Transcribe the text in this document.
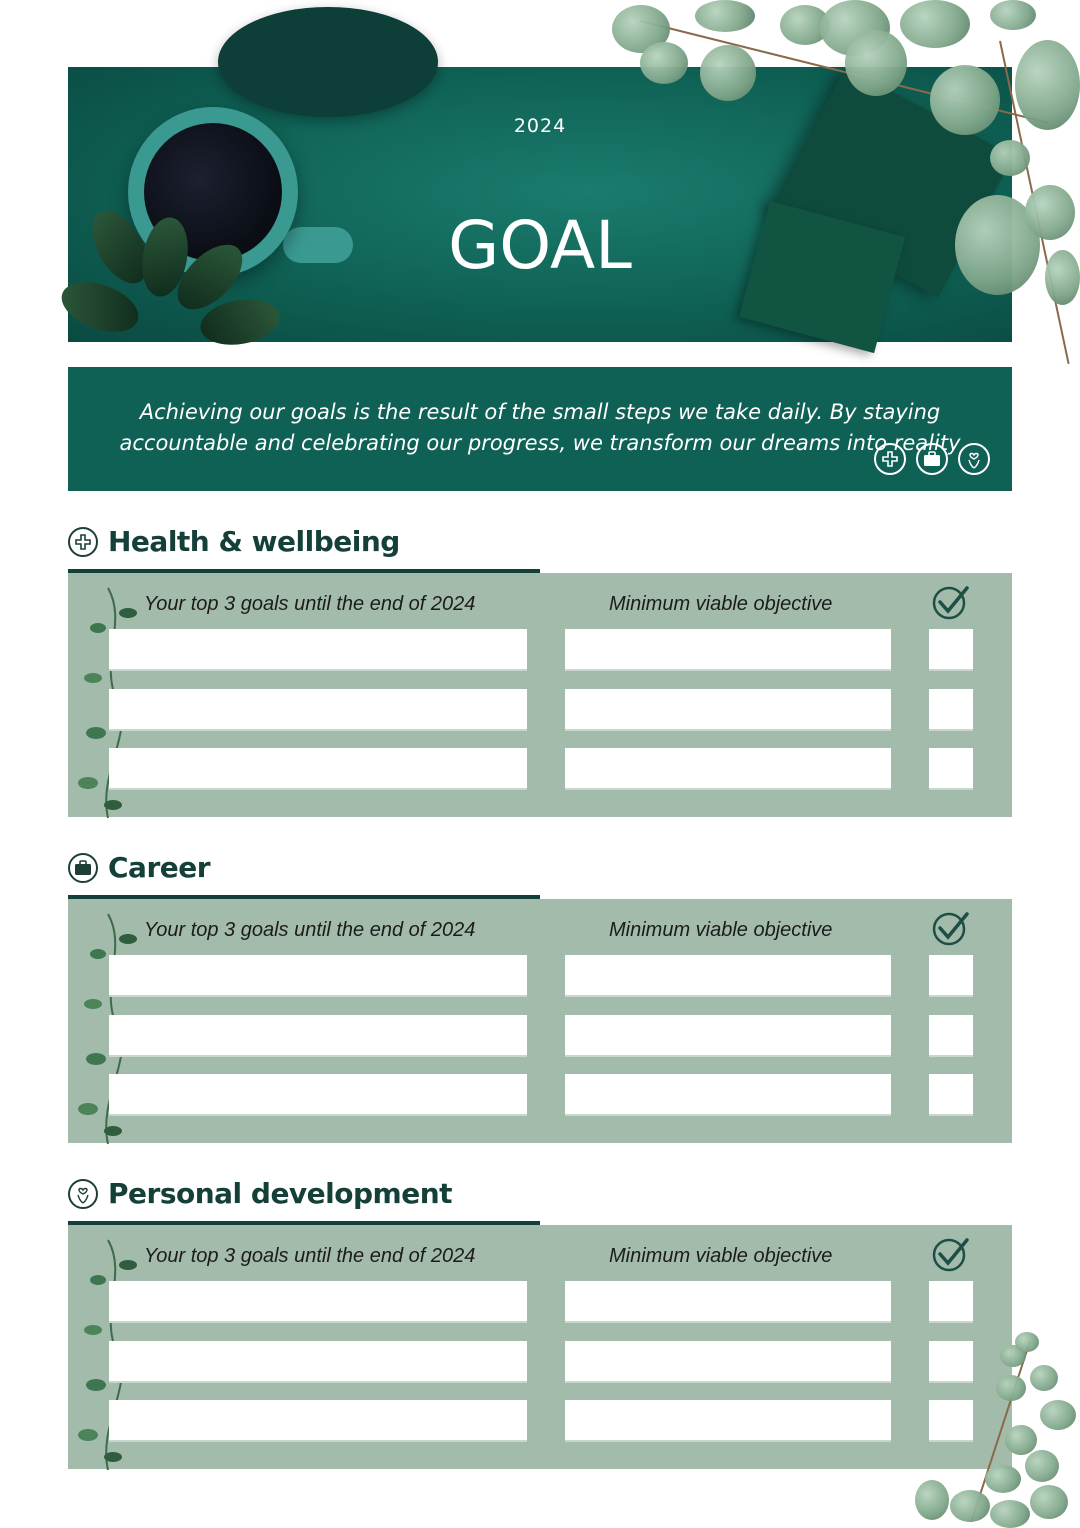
2024

GOAL

Achieving our goals is the result of the small steps we take daily. By staying accountable and celebrating our progress, we transform our dreams into reality
Health & wellbeing
Your top 3 goals until the end of 2024	Minimum viable objective
Career
Your top 3 goals until the end of 2024	Minimum viable objective
Personal development
Your top 3 goals until the end of 2024	Minimum viable objective
